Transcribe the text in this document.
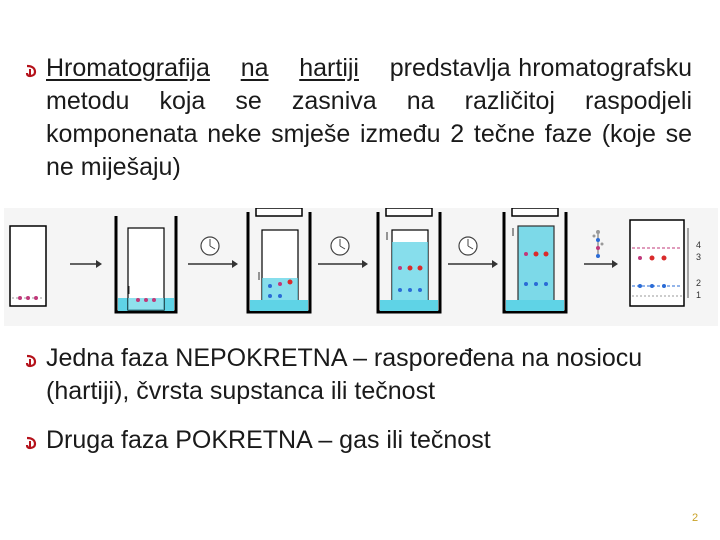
Hromatografija na hartiji predstavlja hromatografsku metodu koja se zasniva na različitoj raspodjeli komponenata neke smješe između 2 tečne faze (koje se ne miješaju)
4
3
2
1
Jedna faza NEPOKRETNA – raspoređena na nosiocu (hartiji), čvrsta supstanca ili tečnost
Druga faza POKRETNA – gas ili tečnost
2
